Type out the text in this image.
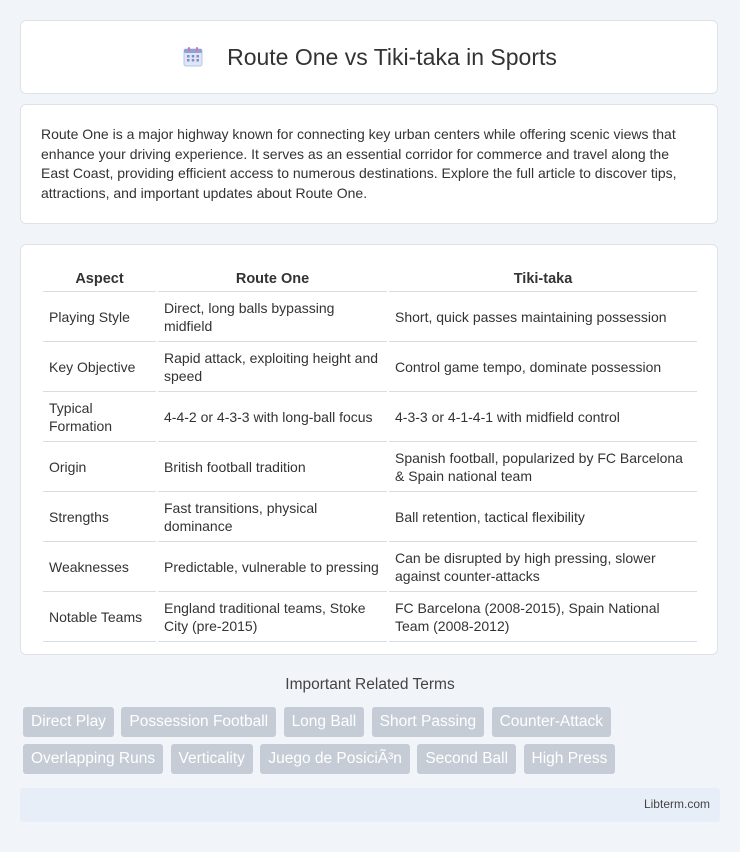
Route One vs Tiki-taka in Sports

Route One is a major highway known for connecting key urban centers while offering scenic views that enhance your driving experience. It serves as an essential corridor for commerce and travel along the East Coast, providing efficient access to numerous destinations. Explore the full article to discover tips, attractions, and important updates about Route One.

Aspect	Route One	Tiki-taka
Playing Style	Direct, long balls bypassing midfield	Short, quick passes maintaining possession
Key Objective	Rapid attack, exploiting height and speed	Control game tempo, dominate possession
Typical Formation	4-4-2 or 4-3-3 with long-ball focus	4-3-3 or 4-1-4-1 with midfield control
Origin	British football tradition	Spanish football, popularized by FC Barcelona & Spain national team
Strengths	Fast transitions, physical dominance	Ball retention, tactical flexibility
Weaknesses	Predictable, vulnerable to pressing	Can be disrupted by high pressing, slower against counter-attacks
Notable Teams	England traditional teams, Stoke City (pre-2015)	FC Barcelona (2008-2015), Spain National Team (2008-2012)
Important Related Terms
Direct Play Possession Football Long Ball Short Passing Counter-Attack Overlapping Runs Verticality Juego de PosiciÃ³n Second Ball High Press
Libterm.com
